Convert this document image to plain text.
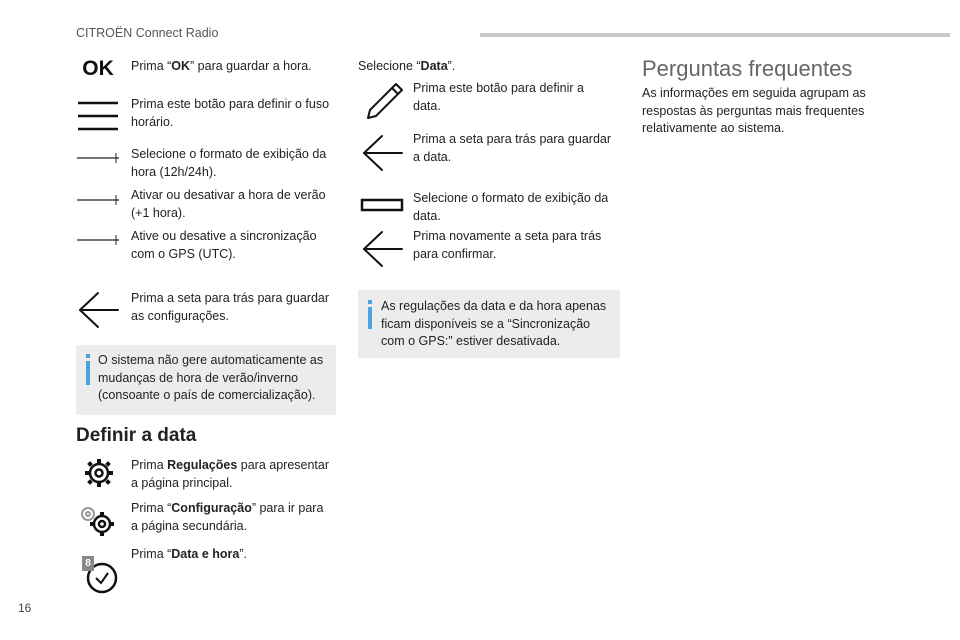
CITROËN Connect Radio
16
OK Prima “OK” para guardar a hora.
Prima este botão para definir o fuso horário.
Selecione o formato de exibição da hora (12h/24h).
Ativar ou desativar a hora de verão (+1 hora).
Ative ou desative a sincronização com o GPS (UTC).
Prima a seta para trás para guardar as configurações.
O sistema não gere automaticamente as mudanças de hora de verão/inverno (consoante o país de comercialização).
Definir a data
Prima Regulações para apresentar a página principal.
Prima “Configuração” para ir para a página secundária.
8
Prima “Data e hora”.
Selecione “Data”.
Prima este botão para definir a data.
Prima a seta para trás para guardar a data.
Selecione o formato de exibição da data.
Prima novamente a seta para trás para confirmar.
As regulações da data e da hora apenas ficam disponíveis se a “Sincronização com o GPS:” estiver desativada.
Perguntas frequentes
As informações em seguida agrupam as respostas às perguntas mais frequentes relativamente ao sistema.
